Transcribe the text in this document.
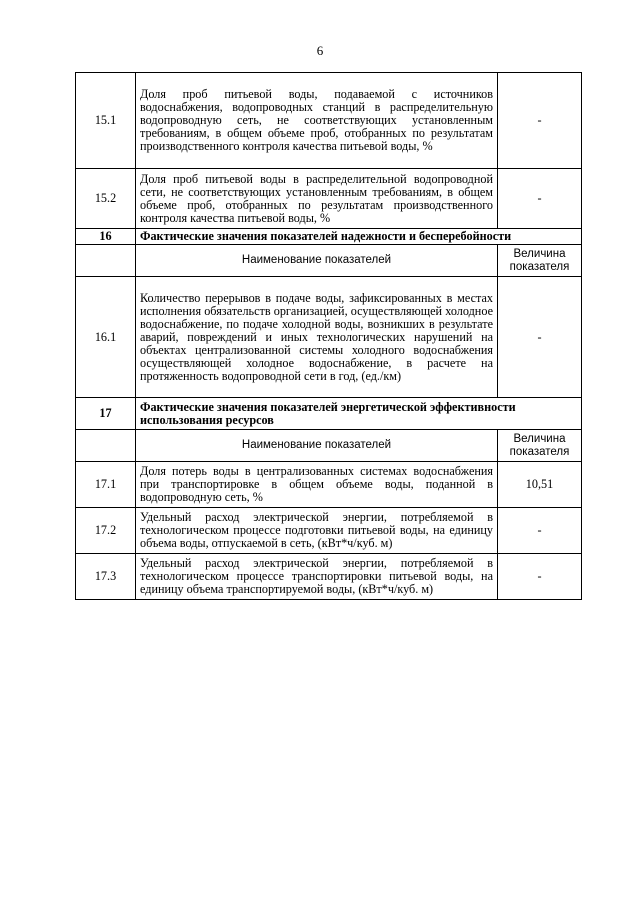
6
15.1	Доля проб питьевой воды, подаваемой с источников водоснабжения, водопроводных станций в распределительную водопроводную сеть, не соответствующих установленным требованиям, в общем объеме проб, отобранных по результатам производственного контроля качества питьевой воды, %	-
15.2	Доля проб питьевой воды в распределительной водопроводной сети, не соответствующих установленным требованиям, в общем объеме проб, отобранных по результатам производственного контроля качества питьевой воды, %	-
16	Фактические значения показателей надежности и бесперебойности	
	Наименование показателей	Величина показателя
16.1	Количество перерывов в подаче воды, зафиксированных в местах исполнения обязательств организацией, осуществляющей холодное водоснабжение, по подаче холодной воды, возникших в результате аварий, повреждений и иных технологических нарушений на объектах централизованной системы холодного водоснабжения осуществляющей холодное водоснабжение, в расчете на протяженность водопроводной сети в год, (ед./км)	-
17	Фактические значения показателей энергетической эффективности использования ресурсов	
	Наименование показателей	Величина показателя
17.1	Доля потерь воды в централизованных системах водоснабжения при транспортировке в общем объеме воды, поданной в водопроводную сеть, %	10,51
17.2	Удельный расход электрической энергии, потребляемой в технологическом процессе подготовки питьевой воды, на единицу объема воды, отпускаемой в сеть, (кВт*ч/куб. м)	-
17.3	Удельный расход электрической энергии, потребляемой в технологическом процессе транспортировки питьевой воды, на единицу объема транспортируемой воды, (кВт*ч/куб. м)	-
